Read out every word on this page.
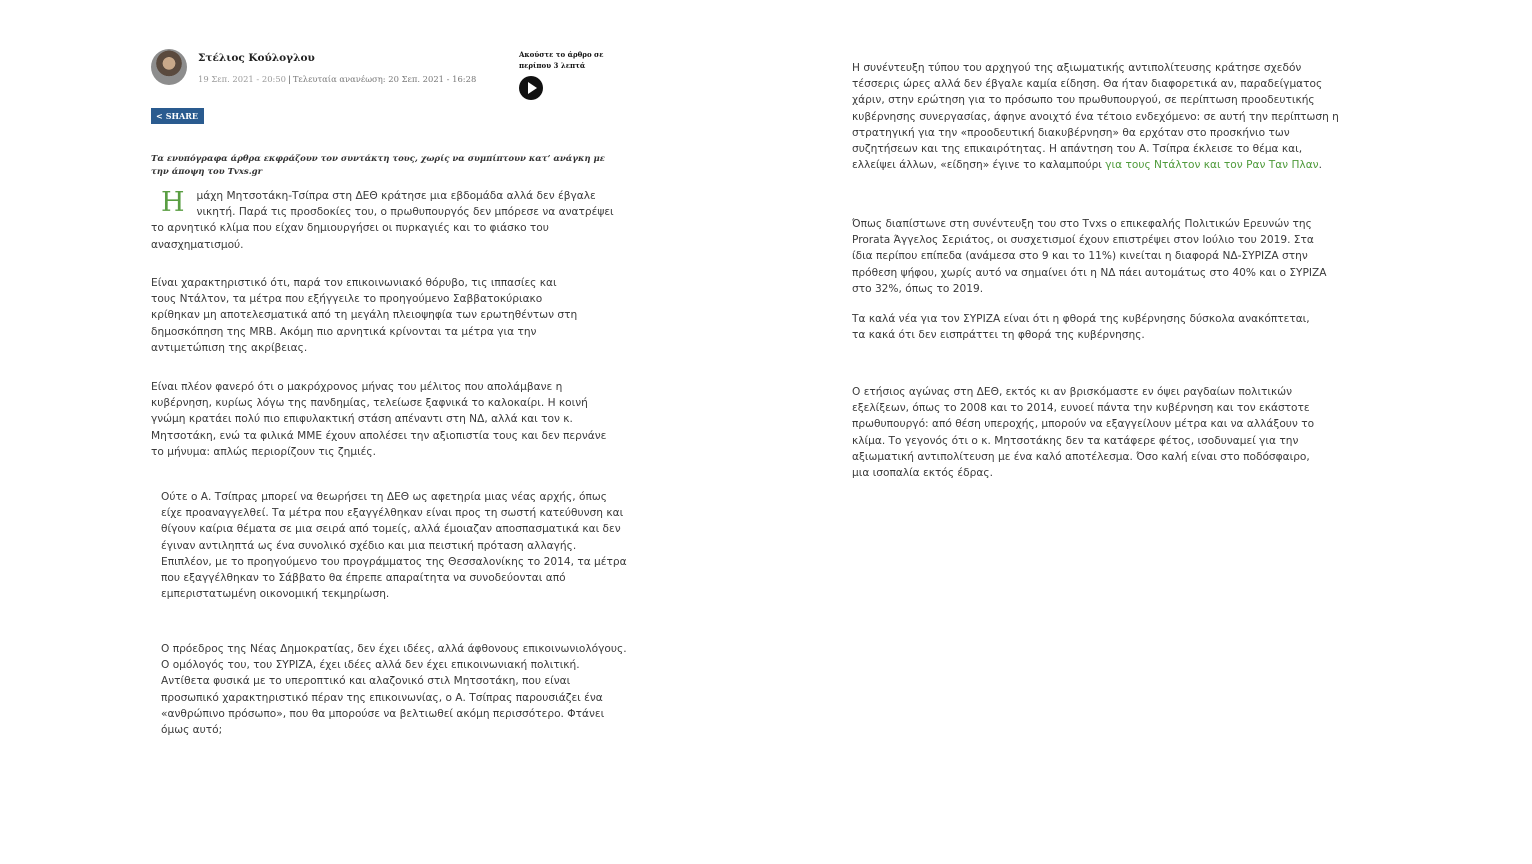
Στέλιος Κούλογλου
19 Σεπ. 2021 - 20:50 | Τελευταία ανανέωση: 20 Σεπ. 2021 - 16:28
Ακούστε το άρθρο σε περίπου 3 λεπτά
< SHARE
Τα ενυπόγραφα άρθρα εκφράζουν τον συντάκτη τους, χωρίς να συμπίπτουν κατ’ ανάγκη με την άποψη του Tvxs.gr
Η μάχη Μητσοτάκη-Τσίπρα στη ΔΕΘ κράτησε μια εβδομάδα αλλά δεν έβγαλε νικητή. Παρά τις προσδοκίες του, ο πρωθυπουργός δεν μπόρεσε να ανατρέψει το αρνητικό κλίμα που είχαν δημιουργήσει οι πυρκαγιές και το φιάσκο του ανασχηματισμού.

Είναι χαρακτηριστικό ότι, παρά τον επικοινωνιακό θόρυβο, τις ιππασίες και τους Ντάλτον, τα μέτρα που εξήγγειλε το προηγούμενο Σαββατοκύριακο κρίθηκαν μη αποτελεσματικά από τη μεγάλη πλειοψηφία των ερωτηθέντων στη δημοσκόπηση της MRB. Ακόμη πιο αρνητικά κρίνονται τα μέτρα για την αντιμετώπιση της ακρίβειας.

Είναι πλέον φανερό ότι ο μακρόχρονος μήνας του μέλιτος που απολάμβανε η κυβέρνηση, κυρίως λόγω της πανδημίας, τελείωσε ξαφνικά το καλοκαίρι. Η κοινή γνώμη κρατάει πολύ πιο επιφυλακτική στάση απέναντι στη ΝΔ, αλλά και τον κ. Μητσοτάκη, ενώ τα φιλικά ΜΜΕ έχουν απολέσει την αξιοπιστία τους και δεν περνάνε το μήνυμα: απλώς περιορίζουν τις ζημιές.

Ούτε ο Α. Τσίπρας μπορεί να θεωρήσει τη ΔΕΘ ως αφετηρία μιας νέας αρχής, όπως είχε προαναγγελθεί. Τα μέτρα που εξαγγέλθηκαν είναι προς τη σωστή κατεύθυνση και θίγουν καίρια θέματα σε μια σειρά από τομείς, αλλά έμοιαζαν αποσπασματικά και δεν έγιναν αντιληπτά ως ένα συνολικό σχέδιο και μια πειστική πρόταση αλλαγής. Επιπλέον, με το προηγούμενο του προγράμματος της Θεσσαλονίκης το 2014, τα μέτρα που εξαγγέλθηκαν το Σάββατο θα έπρεπε απαραίτητα να συνοδεύονται από εμπεριστατωμένη οικονομική τεκμηρίωση.

Ο πρόεδρος της Νέας Δημοκρατίας, δεν έχει ιδέες, αλλά άφθονους επικοινωνιολόγους. Ο ομόλογός του, του ΣΥΡΙΖΑ, έχει ιδέες αλλά δεν έχει επικοινωνιακή πολιτική. Αντίθετα φυσικά με το υπεροπτικό και αλαζονικό στιλ Μητσοτάκη, που είναι προσωπικό χαρακτηριστικό πέραν της επικοινωνίας, ο Α. Τσίπρας παρουσιάζει ένα «ανθρώπινο πρόσωπο», που θα μπορούσε να βελτιωθεί ακόμη περισσότερο. Φτάνει όμως αυτό;

Η συνέντευξη τύπου του αρχηγού της αξιωματικής αντιπολίτευσης κράτησε σχεδόν τέσσερις ώρες αλλά δεν έβγαλε καμία είδηση. Θα ήταν διαφορετικά αν, παραδείγματος χάριν, στην ερώτηση για το πρόσωπο του πρωθυπουργού, σε περίπτωση προοδευτικής κυβέρνησης συνεργασίας, άφηνε ανοιχτό ένα τέτοιο ενδεχόμενο: σε αυτή την περίπτωση η στρατηγική για την «προοδευτική διακυβέρνηση» θα ερχόταν στο προσκήνιο των συζητήσεων και της επικαιρότητας. Η απάντηση του Α. Τσίπρα έκλεισε το θέμα και, ελλείψει άλλων, «είδηση» έγινε το καλαμπούρι για τους Ντάλτον και τον Ραν Ταν Πλαν.

Όπως διαπίστωνε στη συνέντευξη του στο Tvxs ο επικεφαλής Πολιτικών Ερευνών της Prorata Άγγελος Σεριάτος, οι συσχετισμοί έχουν επιστρέψει στον Ιούλιο του 2019. Στα ίδια περίπου επίπεδα (ανάμεσα στο 9 και το 11%) κινείται η διαφορά ΝΔ-ΣΥΡΙΖΑ στην πρόθεση ψήφου, χωρίς αυτό να σημαίνει ότι η ΝΔ πάει αυτομάτως στο 40% και ο ΣΥΡΙΖΑ στο 32%, όπως το 2019.

Τα καλά νέα για τον ΣΥΡΙΖΑ είναι ότι η φθορά της κυβέρνησης δύσκολα ανακόπτεται, τα κακά ότι δεν εισπράττει τη φθορά της κυβέρνησης.

Ο ετήσιος αγώνας στη ΔΕΘ, εκτός κι αν βρισκόμαστε εν όψει ραγδαίων πολιτικών εξελίξεων, όπως το 2008 και το 2014, ευνοεί πάντα την κυβέρνηση και τον εκάστοτε πρωθυπουργό: από θέση υπεροχής, μπορούν να εξαγγείλουν μέτρα και να αλλάξουν το κλίμα. Το γεγονός ότι ο κ. Μητσοτάκης δεν τα κατάφερε φέτος, ισοδυναμεί για την αξιωματική αντιπολίτευση με ένα καλό αποτέλεσμα. Όσο καλή είναι στο ποδόσφαιρο, μια ισοπαλία εκτός έδρας.
